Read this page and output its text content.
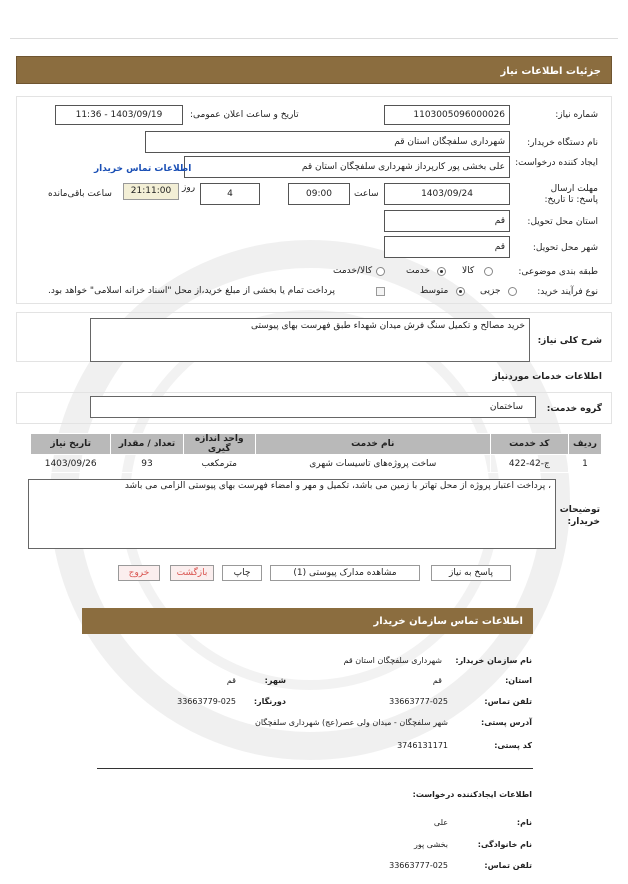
جزئیات اطلاعات نیاز
شماره نیاز:
1103005096000026
تاریخ و ساعت اعلان عمومی:
1403/09/19 - 11:36
نام دستگاه خریدار:
شهرداری سلفچگان استان قم
ایجاد کننده درخواست:
علی بخشی پور کارپرداز شهرداری سلفچگان استان قم
اطلاعات تماس خریدار
مهلت ارسال پاسخ: تا تاریخ:
1403/09/24
ساعت
09:00
4
روز
21:11:00
ساعت باقی‌مانده
استان محل تحویل:
قم
شهر محل تحویل:
قم
طبقه بندی موضوعی:
کالا
خدمت
کالا/خدمت
نوع فرآیند خرید:
جزیی
متوسط
پرداخت تمام یا بخشی از مبلغ خرید،از محل "اسناد خزانه اسلامی" خواهد بود.
شرح کلی نیاز:
خرید مصالح و تکمیل سنگ فرش میدان شهداء طبق فهرست بهای پیوستی
اطلاعات خدمات موردنیاز
گروه خدمت:
ساختمان
ردیف	کد خدمت	نام خدمت	واحد اندازه گیری	تعداد / مقدار	تاریخ نیاز
1	ج-42-422	ساخت پروژه‌های تاسیسات شهری	مترمکعب	93	1403/09/26
توضیحات خریدار:
، پرداخت اعتبار پروژه از محل تهاتر با زمین می باشد، تکمیل و مهر و امضاء فهرست بهای پیوستی الزامی می باشد
پاسخ به نیاز
مشاهده مدارک پیوستی (1)
چاپ
بازگشت
خروج
اطلاعات تماس سازمان خریدار
نام سازمان خریدار:
شهرداری سلفچگان استان قم
استان:
قم
شهر:
قم
تلفن تماس:
33663777-025
دورنگار:
33663779-025
آدرس پستی:
شهر سلفچگان - میدان ولی عصر(عج) شهرداری سلفچگان
کد پستی:
3746131171
اطلاعات ایجادکننده درخواست:
نام:
علی
نام خانوادگی:
بخشی پور
تلفن تماس:
33663777-025
